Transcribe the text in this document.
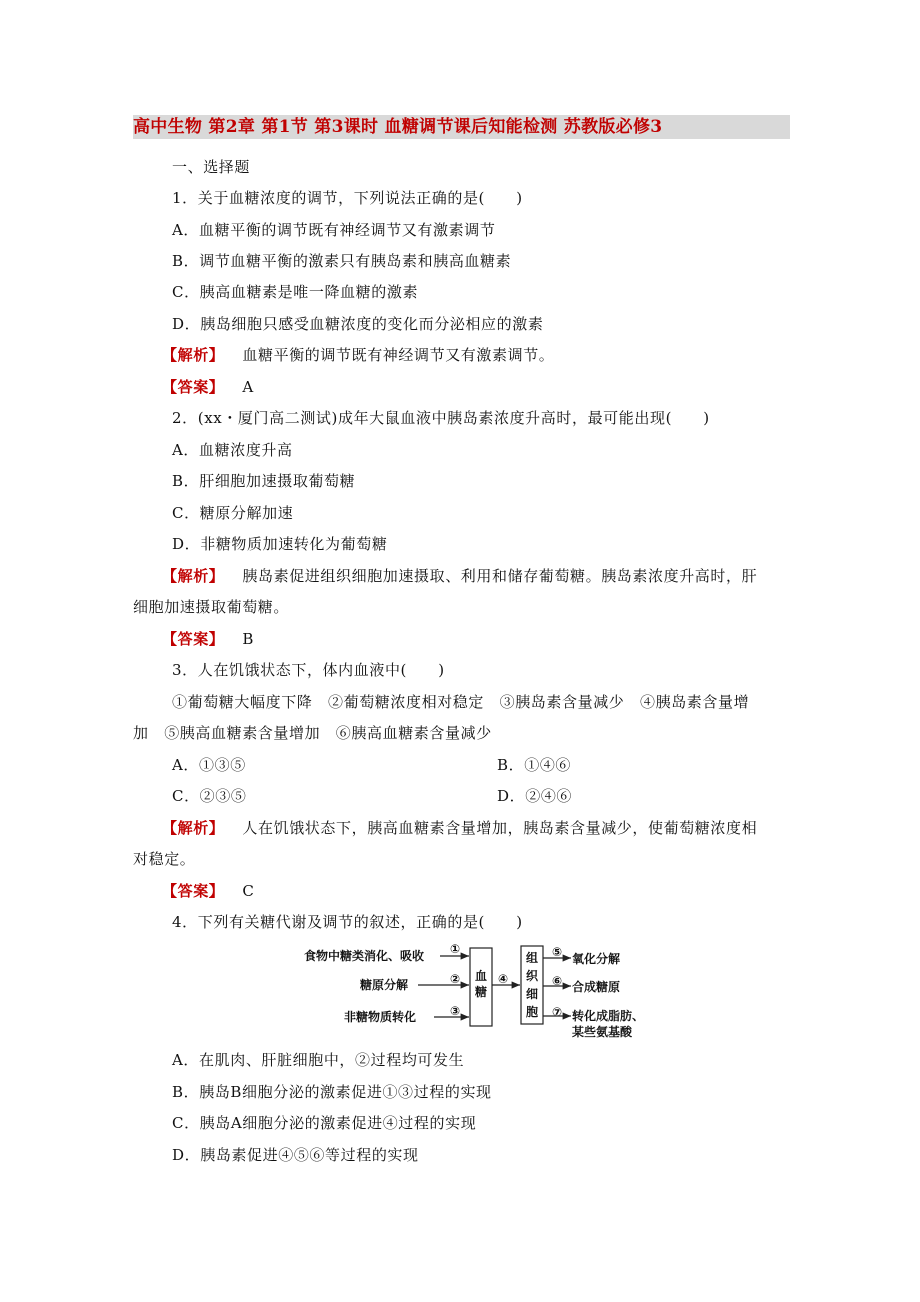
高中生物 第2章 第1节 第3课时 血糖调节课后知能检测 苏教版必修3
一、选择题
1．关于血糖浓度的调节，下列说法正确的是(　　)
A．血糖平衡的调节既有神经调节又有激素调节
B．调节血糖平衡的激素只有胰岛素和胰高血糖素
C．胰高血糖素是唯一降血糖的激素
D．胰岛细胞只感受血糖浓度的变化而分泌相应的激素
【解析】 血糖平衡的调节既有神经调节又有激素调节。
【答案】 A
2．(xx・厦门高二测试)成年大鼠血液中胰岛素浓度升高时，最可能出现(　　)
A．血糖浓度升高
B．肝细胞加速摄取葡萄糖
C．糖原分解加速
D．非糖物质加速转化为葡萄糖
【解析】 胰岛素促进组织细胞加速摄取、利用和储存葡萄糖。胰岛素浓度升高时，肝
细胞加速摄取葡萄糖。
【答案】 B
3．人在饥饿状态下，体内血液中(　　)
①葡萄糖大幅度下降　②葡萄糖浓度相对稳定　③胰岛素含量减少　④胰岛素含量增
加　⑤胰高血糖素含量增加　⑥胰高血糖素含量减少
A．①③⑤	B．①④⑥
C．②③⑤	D．②④⑥
【解析】 人在饥饿状态下，胰高血糖素含量增加，胰岛素含量减少，使葡萄糖浓度相
对稳定。
【答案】 C
4．下列有关糖代谢及调节的叙述，正确的是(　　)
食物中糖类消化、吸收
糖原分解
非糖物质转化
①
②
③
④
⑤
⑥
⑦
血
糖
组
织
细
胞
氧化分解
合成糖原
转化成脂肪、
某些氨基酸
A．在肌肉、肝脏细胞中，②过程均可发生
B．胰岛B细胞分泌的激素促进①③过程的实现
C．胰岛A细胞分泌的激素促进④过程的实现
D．胰岛素促进④⑤⑥等过程的实现
